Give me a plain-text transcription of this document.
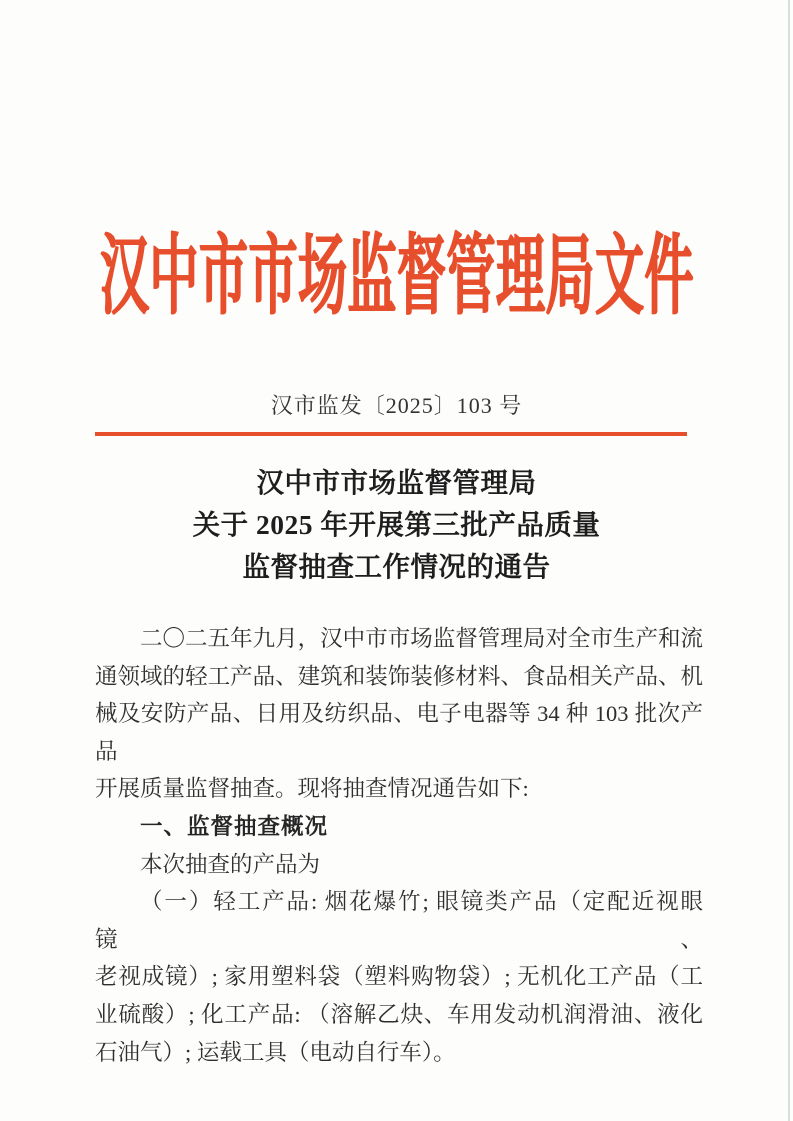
汉中市市场监督管理局文件
汉市监发〔2025〕103 号
汉中市市场监督管理局
关于 2025 年开展第三批产品质量
监督抽查工作情况的通告
二〇二五年九月，汉中市市场监督管理局对全市生产和流
通领域的轻工产品、建筑和装饰装修材料、食品相关产品、机
械及安防产品、日用及纺织品、电子电器等 34 种 103 批次产品
开展质量监督抽查。现将抽查情况通告如下:
一、监督抽查概况
本次抽查的产品为
（一）轻工产品: 烟花爆竹; 眼镜类产品（定配近视眼镜、
老视成镜）; 家用塑料袋（塑料购物袋）; 无机化工产品（工
业硫酸）; 化工产品: （溶解乙炔、车用发动机润滑油、液化
石油气）; 运载工具（电动自行车）。
